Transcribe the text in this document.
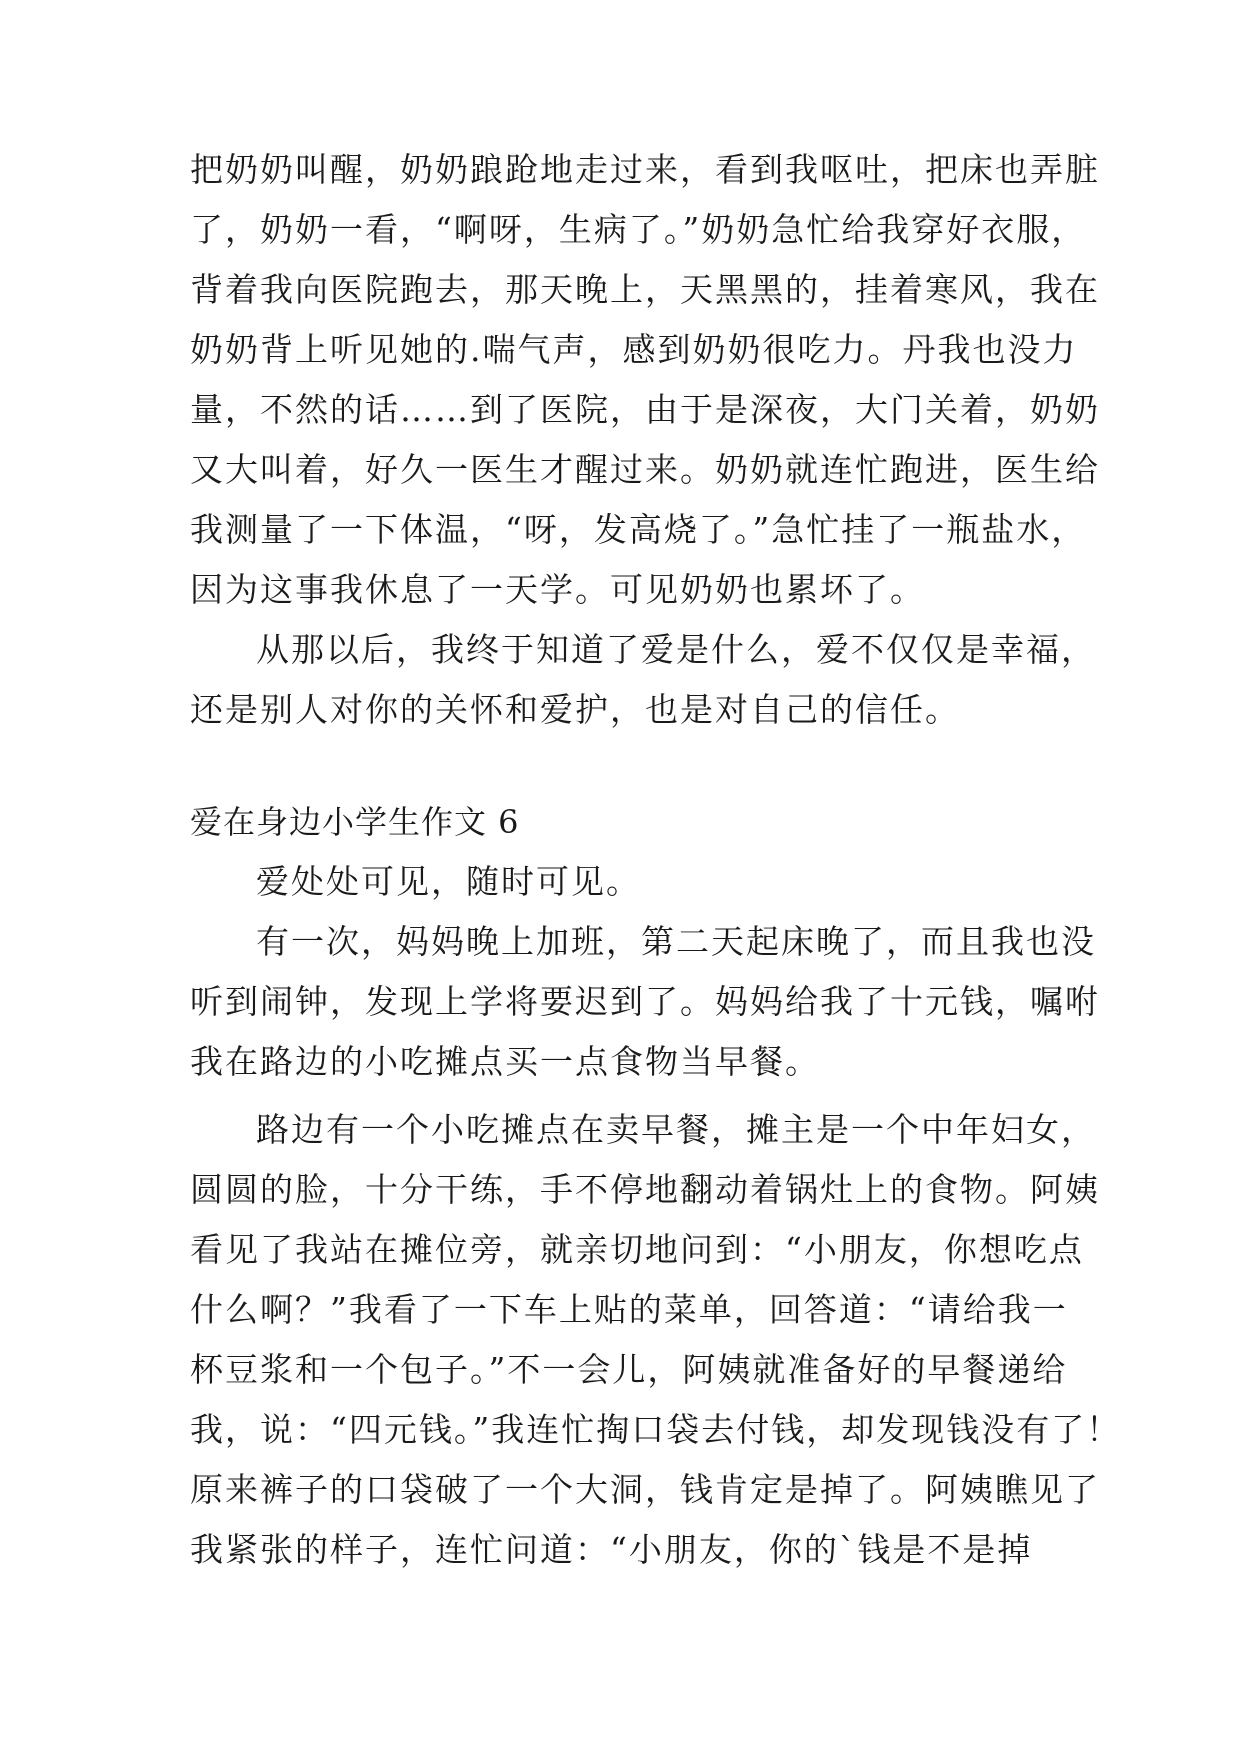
把奶奶叫醒，奶奶踉跄地走过来，看到我呕吐，把床也弄脏
了，奶奶一看，“啊呀，生病了。”奶奶急忙给我穿好衣服，
背着我向医院跑去，那天晚上，天黑黑的，挂着寒风，我在
奶奶背上听见她的.喘气声，感到奶奶很吃力。丹我也没力
量，不然的话……到了医院，由于是深夜，大门关着，奶奶
又大叫着，好久一医生才醒过来。奶奶就连忙跑进，医生给
我测量了一下体温，“呀，发高烧了。”急忙挂了一瓶盐水，
因为这事我休息了一天学。可见奶奶也累坏了。
从那以后，我终于知道了爱是什么，爱不仅仅是幸福，
还是别人对你的关怀和爱护，也是对自己的信任。
爱在身边小学生作文 6
爱处处可见，随时可见。
有一次，妈妈晚上加班，第二天起床晚了，而且我也没
听到闹钟，发现上学将要迟到了。妈妈给我了十元钱，嘱咐
我在路边的小吃摊点买一点食物当早餐。
路边有一个小吃摊点在卖早餐，摊主是一个中年妇女，
圆圆的脸，十分干练，手不停地翻动着锅灶上的食物。阿姨
看见了我站在摊位旁，就亲切地问到：“小朋友，你想吃点
什么啊？”我看了一下车上贴的菜单，回答道：“请给我一
杯豆浆和一个包子。”不一会儿，阿姨就准备好的早餐递给
我，说：“四元钱。”我连忙掏口袋去付钱，却发现钱没有了！
原来裤子的口袋破了一个大洞，钱肯定是掉了。阿姨瞧见了
我紧张的样子，连忙问道：“小朋友，你的`钱是不是掉
